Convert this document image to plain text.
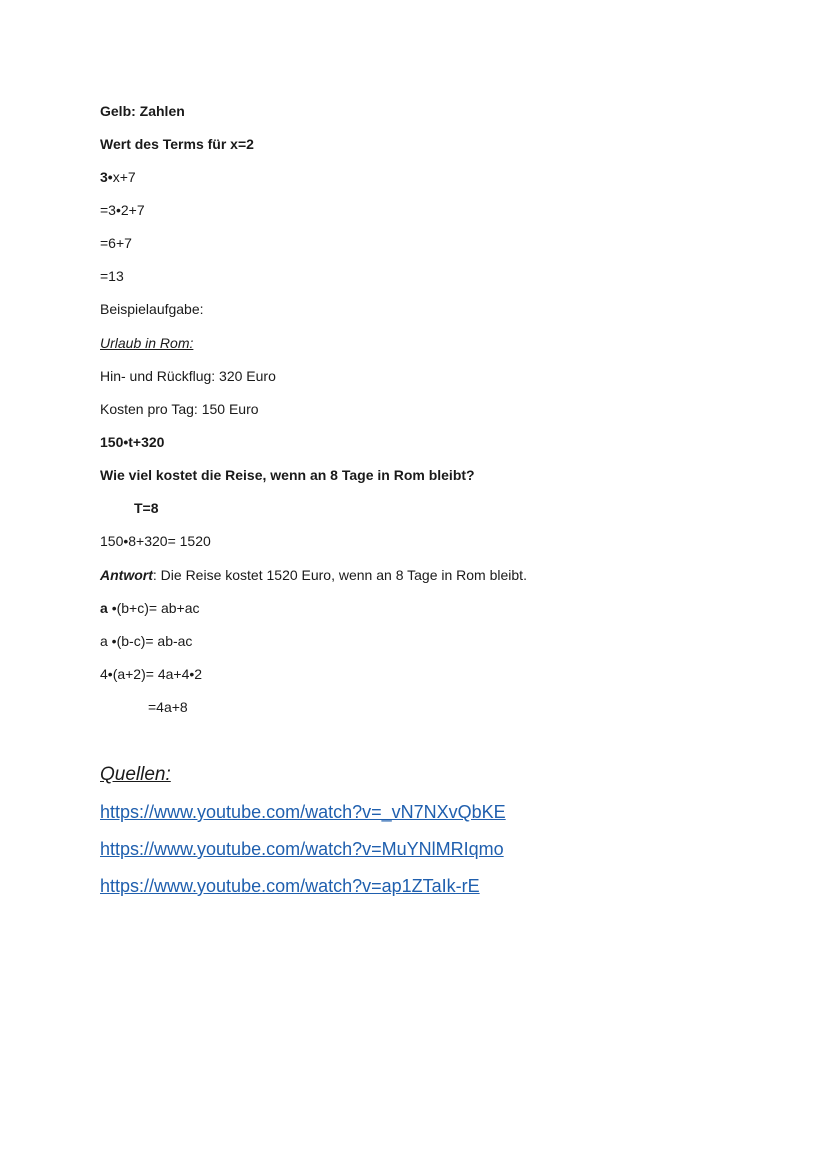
Gelb: Zahlen
Wert des Terms für x=2
3•x+7
=3•2+7
=6+7
=13
Beispielaufgabe:
Urlaub in Rom:
Hin- und Rückflug: 320 Euro
Kosten pro Tag: 150 Euro
150•t+320
Wie viel kostet die Reise, wenn an 8 Tage in Rom bleibt?
T=8
150•8+320= 1520
Antwort: Die Reise kostet 1520 Euro, wenn an 8 Tage in Rom bleibt.
a •(b+c)= ab+ac
a •(b-c)= ab-ac
4•(a+2)= 4a+4•2
=4a+8
Quellen:
https://www.youtube.com/watch?v=_vN7NXvQbKE
https://www.youtube.com/watch?v=MuYNlMRIqmo
https://www.youtube.com/watch?v=ap1ZTaIk-rE
